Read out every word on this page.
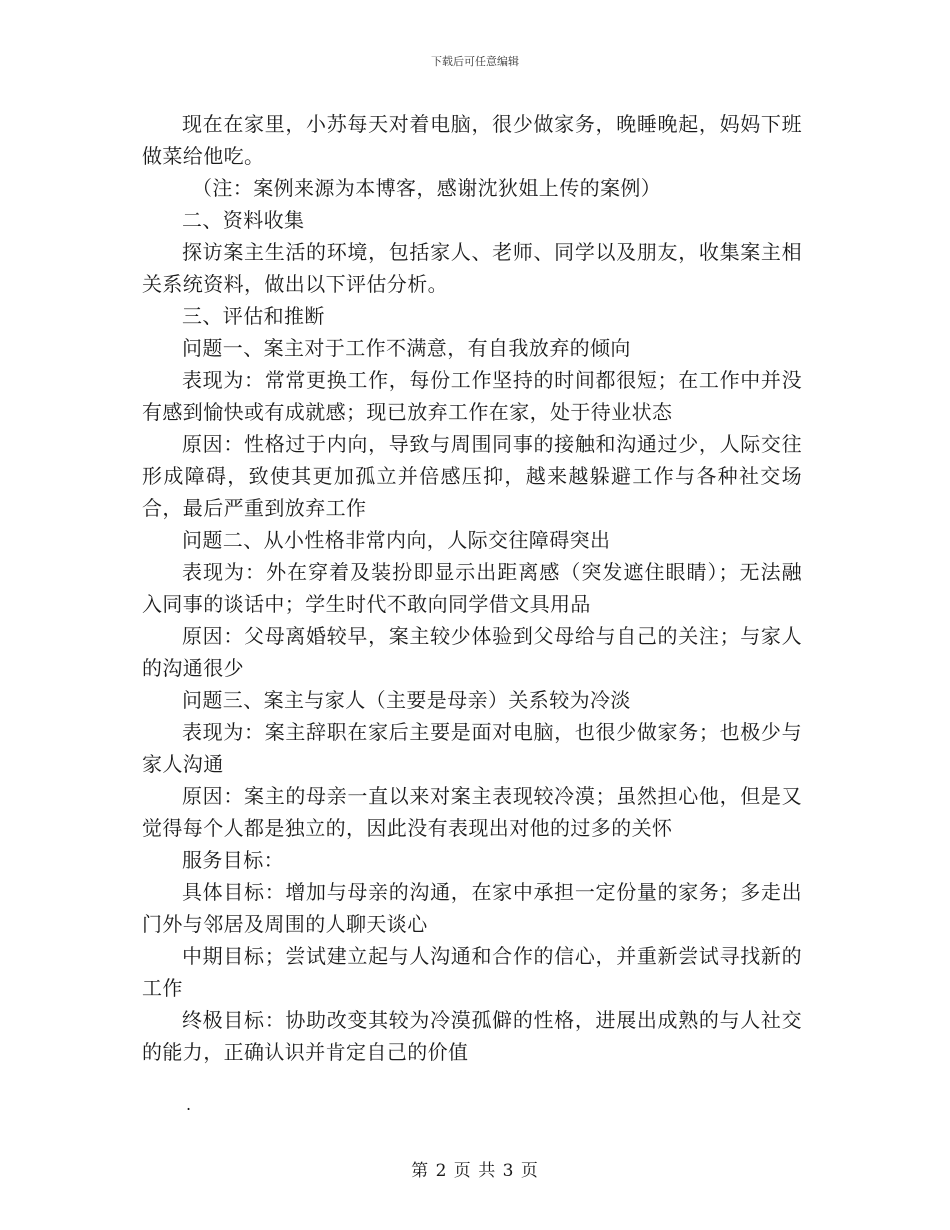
下载后可任意编辑

现在在家里，小苏每天对着电脑，很少做家务，晚睡晚起，妈妈下班做菜给他吃。

（注：案例来源为本博客，感谢沈狄姐上传的案例）

二、资料收集

探访案主生活的环境，包括家人、老师、同学以及朋友，收集案主相关系统资料，做出以下评估分析。

三、评估和推断

问题一、案主对于工作不满意，有自我放弃的倾向

表现为：常常更换工作，每份工作坚持的时间都很短；在工作中并没有感到愉快或有成就感；现已放弃工作在家，处于待业状态

原因：性格过于内向，导致与周围同事的接触和沟通过少，人际交往形成障碍，致使其更加孤立并倍感压抑，越来越躲避工作与各种社交场合，最后严重到放弃工作

问题二、从小性格非常内向，人际交往障碍突出

表现为：外在穿着及装扮即显示出距离感（突发遮住眼睛）；无法融入同事的谈话中；学生时代不敢向同学借文具用品

原因：父母离婚较早，案主较少体验到父母给与自己的关注；与家人的沟通很少

问题三、案主与家人（主要是母亲）关系较为冷淡

表现为：案主辞职在家后主要是面对电脑，也很少做家务；也极少与家人沟通

原因：案主的母亲一直以来对案主表现较冷漠；虽然担心他，但是又觉得每个人都是独立的，因此没有表现出对他的过多的关怀

服务目标：

具体目标：增加与母亲的沟通，在家中承担一定份量的家务；多走出门外与邻居及周围的人聊天谈心

中期目标；尝试建立起与人沟通和合作的信心，并重新尝试寻找新的工作

终极目标：协助改变其较为冷漠孤僻的性格，进展出成熟的与人社交的能力，正确认识并肯定自己的价值

.
第 2 页 共 3 页
